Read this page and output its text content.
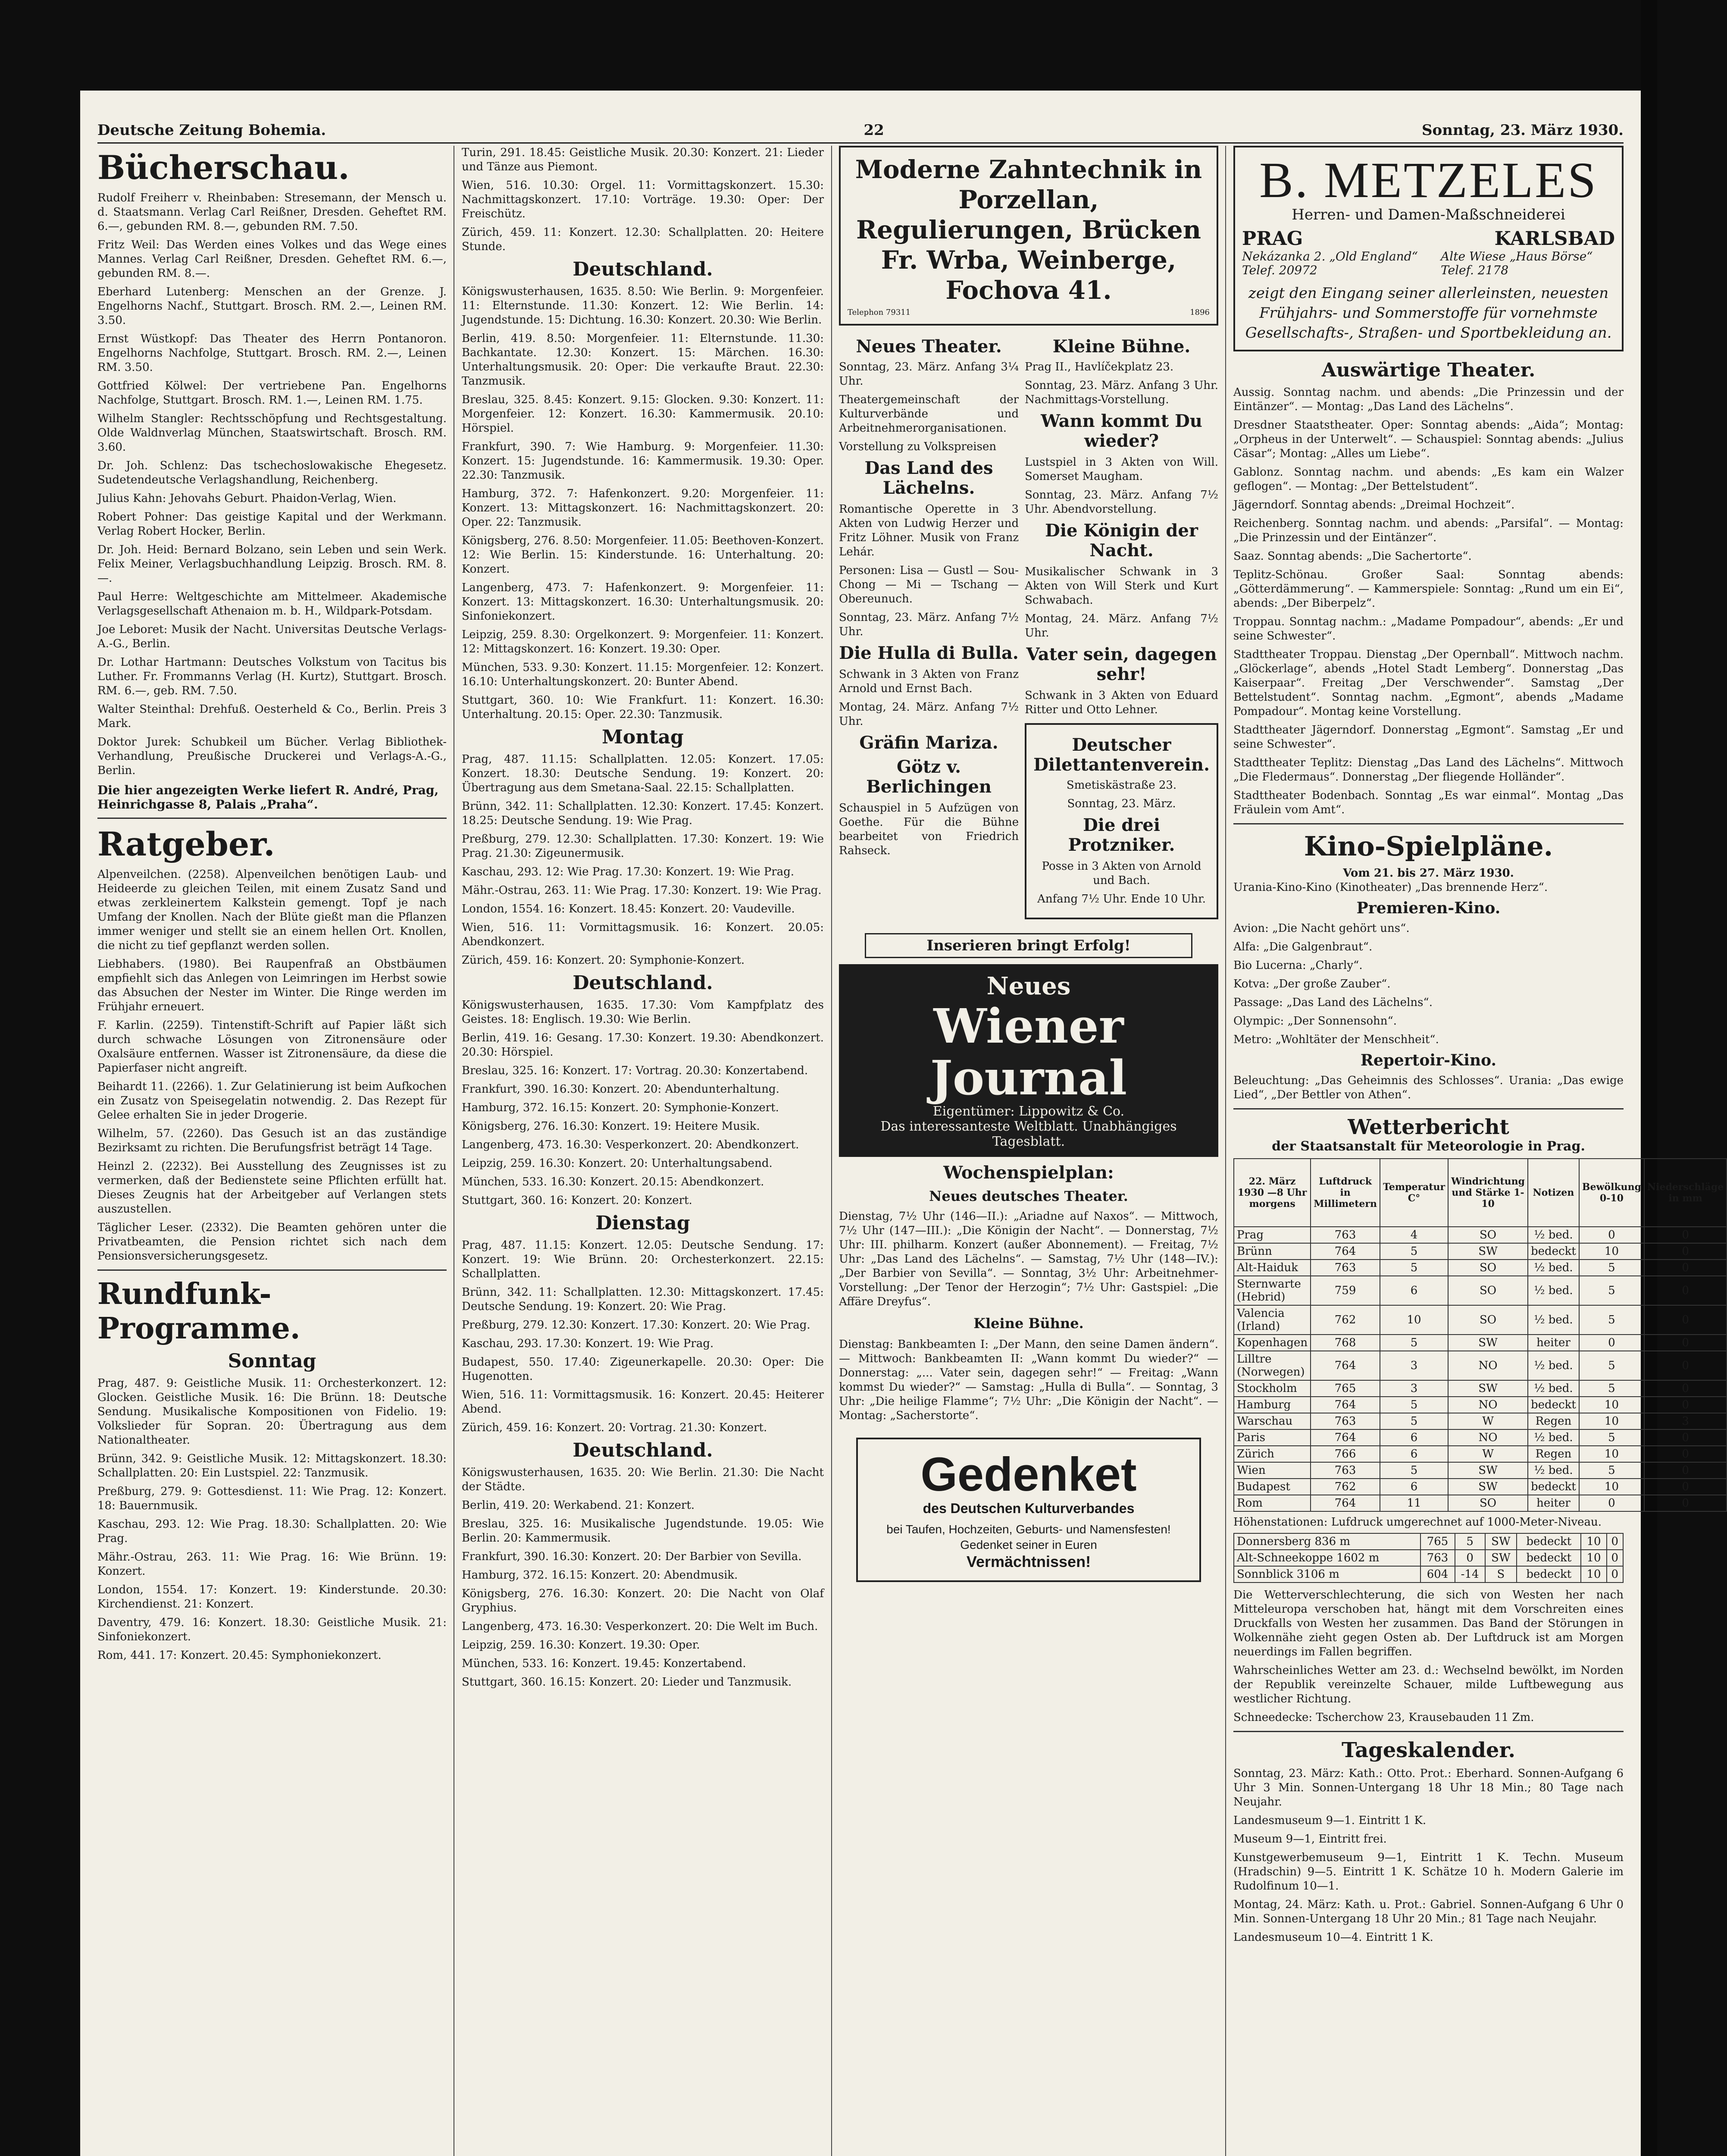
Deutsche Zeitung Bohemia.	22	Sonntag, 23. März 1930.
Bücherschau.

Rudolf Freiherr v. Rheinbaben: Stresemann, der Mensch u. d. Staatsmann. Verlag Carl Reißner, Dresden. Geheftet RM. 6.—, gebunden RM. 8.—, gebunden RM. 7.50.

Fritz Weil: Das Werden eines Volkes und das Wege eines Mannes. Verlag Carl Reißner, Dresden. Geheftet RM. 6.—, gebunden RM. 8.—.

Eberhard Lutenberg: Menschen an der Grenze. J. Engelhorns Nachf., Stuttgart. Brosch. RM. 2.—, Leinen RM. 3.50.

Ernst Wüstkopf: Das Theater des Herrn Pontanoron. Engelhorns Nachfolge, Stuttgart. Brosch. RM. 2.—, Leinen RM. 3.50.

Gottfried Kölwel: Der vertriebene Pan. Engelhorns Nachfolge, Stuttgart. Brosch. RM. 1.—, Leinen RM. 1.75.

Wilhelm Stangler: Rechtsschöpfung und Rechtsgestaltung. Olde Waldnverlag München, Staatswirtschaft. Brosch. RM. 3.60.

Dr. Joh. Schlenz: Das tschechoslowakische Ehegesetz. Sudetendeutsche Verlagshandlung, Reichenberg.

Julius Kahn: Jehovahs Geburt. Phaidon-Verlag, Wien.

Robert Pohner: Das geistige Kapital und der Werkmann. Verlag Robert Hocker, Berlin.

Dr. Joh. Heid: Bernard Bolzano, sein Leben und sein Werk. Felix Meiner, Verlagsbuchhandlung Leipzig. Brosch. RM. 8.—.

Paul Herre: Weltgeschichte am Mittelmeer. Akademische Verlagsgesellschaft Athenaion m. b. H., Wildpark-Potsdam.

Joe Leboret: Musik der Nacht. Universitas Deutsche Verlags-A.-G., Berlin.

Dr. Lothar Hartmann: Deutsches Volkstum von Tacitus bis Luther. Fr. Frommanns Verlag (H. Kurtz), Stuttgart. Brosch. RM. 6.—, geb. RM. 7.50.

Walter Steinthal: Drehfuß. Oesterheld & Co., Berlin. Preis 3 Mark.

Doktor Jurek: Schubkeil um Bücher. Verlag Bibliothek-Verhandlung, Preußische Druckerei und Verlags-A.-G., Berlin.

Die hier angezeigten Werke liefert R. André, Prag, Heinrichgasse 8, Palais „Praha“.
Ratgeber.

Alpenveilchen. (2258). Alpenveilchen benötigen Laub- und Heideerde zu gleichen Teilen, mit einem Zusatz Sand und etwas zerkleinertem Kalkstein gemengt. Topf je nach Umfang der Knollen. Nach der Blüte gießt man die Pflanzen immer weniger und stellt sie an einem hellen Ort. Knollen, die nicht zu tief gepflanzt werden sollen.

Liebhabers. (1980). Bei Raupenfraß an Obstbäumen empfiehlt sich das Anlegen von Leimringen im Herbst sowie das Absuchen der Nester im Winter. Die Ringe werden im Frühjahr erneuert.

F. Karlin. (2259). Tintenstift-Schrift auf Papier läßt sich durch schwache Lösungen von Zitronensäure oder Oxalsäure entfernen. Wasser ist Zitronensäure, da diese die Papierfaser nicht angreift.

Beihardt 11. (2266). 1. Zur Gelatinierung ist beim Aufkochen ein Zusatz von Speisegelatin notwendig. 2. Das Rezept für Gelee erhalten Sie in jeder Drogerie.

Wilhelm, 57. (2260). Das Gesuch ist an das zuständige Bezirksamt zu richten. Die Berufungsfrist beträgt 14 Tage.

Heinzl 2. (2232). Bei Ausstellung des Zeugnisses ist zu vermerken, daß der Bedienstete seine Pflichten erfüllt hat. Dieses Zeugnis hat der Arbeitgeber auf Verlangen stets auszustellen.

Täglicher Leser. (2332). Die Beamten gehören unter die Privatbeamten, die Pension richtet sich nach dem Pensionsversicherungsgesetz.

Rundfunk-Programme.
Sonntag

Prag, 487. 9: Geistliche Musik. 11: Orchesterkonzert. 12: Glocken. Geistliche Musik. 16: Die Brünn. 18: Deutsche Sendung. Musikalische Kompositionen von Fidelio. 19: Volkslieder für Sopran. 20: Übertragung aus dem Nationaltheater.

Brünn, 342. 9: Geistliche Musik. 12: Mittagskonzert. 18.30: Schallplatten. 20: Ein Lustspiel. 22: Tanzmusik.

Preßburg, 279. 9: Gottesdienst. 11: Wie Prag. 12: Konzert. 18: Bauernmusik.

Kaschau, 293. 12: Wie Prag. 18.30: Schallplatten. 20: Wie Prag.

Mähr.-Ostrau, 263. 11: Wie Prag. 16: Wie Brünn. 19: Konzert.

London, 1554. 17: Konzert. 19: Kinderstunde. 20.30: Kirchendienst. 21: Konzert.

Daventry, 479. 16: Konzert. 18.30: Geistliche Musik. 21: Sinfoniekonzert.

Rom, 441. 17: Konzert. 20.45: Symphoniekonzert.

Turin, 291. 18.45: Geistliche Musik. 20.30: Konzert. 21: Lieder und Tänze aus Piemont.

Wien, 516. 10.30: Orgel. 11: Vormittagskonzert. 15.30: Nachmittagskonzert. 17.10: Vorträge. 19.30: Oper: Der Freischütz.

Zürich, 459. 11: Konzert. 12.30: Schallplatten. 20: Heitere Stunde.

Deutschland.

Königswusterhausen, 1635. 8.50: Wie Berlin. 9: Morgenfeier. 11: Elternstunde. 11.30: Konzert. 12: Wie Berlin. 14: Jugendstunde. 15: Dichtung. 16.30: Konzert. 20.30: Wie Berlin.

Berlin, 419. 8.50: Morgenfeier. 11: Elternstunde. 11.30: Bachkantate. 12.30: Konzert. 15: Märchen. 16.30: Unterhaltungsmusik. 20: Oper: Die verkaufte Braut. 22.30: Tanzmusik.

Breslau, 325. 8.45: Konzert. 9.15: Glocken. 9.30: Konzert. 11: Morgenfeier. 12: Konzert. 16.30: Kammermusik. 20.10: Hörspiel.

Frankfurt, 390. 7: Wie Hamburg. 9: Morgenfeier. 11.30: Konzert. 15: Jugendstunde. 16: Kammermusik. 19.30: Oper. 22.30: Tanzmusik.

Hamburg, 372. 7: Hafenkonzert. 9.20: Morgenfeier. 11: Konzert. 13: Mittagskonzert. 16: Nachmittagskonzert. 20: Oper. 22: Tanzmusik.

Königsberg, 276. 8.50: Morgenfeier. 11.05: Beethoven-Konzert. 12: Wie Berlin. 15: Kinderstunde. 16: Unterhaltung. 20: Konzert.

Langenberg, 473. 7: Hafenkonzert. 9: Morgenfeier. 11: Konzert. 13: Mittagskonzert. 16.30: Unterhaltungsmusik. 20: Sinfoniekonzert.

Leipzig, 259. 8.30: Orgelkonzert. 9: Morgenfeier. 11: Konzert. 12: Mittagskonzert. 16: Konzert. 19.30: Oper.

München, 533. 9.30: Konzert. 11.15: Morgenfeier. 12: Konzert. 16.10: Unterhaltungskonzert. 20: Bunter Abend.

Stuttgart, 360. 10: Wie Frankfurt. 11: Konzert. 16.30: Unterhaltung. 20.15: Oper. 22.30: Tanzmusik.

Montag

Prag, 487. 11.15: Schallplatten. 12.05: Konzert. 17.05: Konzert. 18.30: Deutsche Sendung. 19: Konzert. 20: Übertragung aus dem Smetana-Saal. 22.15: Schallplatten.

Brünn, 342. 11: Schallplatten. 12.30: Konzert. 17.45: Konzert. 18.25: Deutsche Sendung. 19: Wie Prag.

Preßburg, 279. 12.30: Schallplatten. 17.30: Konzert. 19: Wie Prag. 21.30: Zigeunermusik.

Kaschau, 293. 12: Wie Prag. 17.30: Konzert. 19: Wie Prag.

Mähr.-Ostrau, 263. 11: Wie Prag. 17.30: Konzert. 19: Wie Prag.

London, 1554. 16: Konzert. 18.45: Konzert. 20: Vaudeville.

Wien, 516. 11: Vormittagsmusik. 16: Konzert. 20.05: Abendkonzert.

Zürich, 459. 16: Konzert. 20: Symphonie-Konzert.

Deutschland.

Königswusterhausen, 1635. 17.30: Vom Kampfplatz des Geistes. 18: Englisch. 19.30: Wie Berlin.

Berlin, 419. 16: Gesang. 17.30: Konzert. 19.30: Abendkonzert. 20.30: Hörspiel.

Breslau, 325. 16: Konzert. 17: Vortrag. 20.30: Konzertabend.

Frankfurt, 390. 16.30: Konzert. 20: Abendunterhaltung.

Hamburg, 372. 16.15: Konzert. 20: Symphonie-Konzert.

Königsberg, 276. 16.30: Konzert. 19: Heitere Musik.

Langenberg, 473. 16.30: Vesperkonzert. 20: Abendkonzert.

Leipzig, 259. 16.30: Konzert. 20: Unterhaltungsabend.

München, 533. 16.30: Konzert. 20.15: Abendkonzert.

Stuttgart, 360. 16: Konzert. 20: Konzert.

Dienstag

Prag, 487. 11.15: Konzert. 12.05: Deutsche Sendung. 17: Konzert. 19: Wie Brünn. 20: Orchesterkonzert. 22.15: Schallplatten.

Brünn, 342. 11: Schallplatten. 12.30: Mittagskonzert. 17.45: Deutsche Sendung. 19: Konzert. 20: Wie Prag.

Preßburg, 279. 12.30: Konzert. 17.30: Konzert. 20: Wie Prag.

Kaschau, 293. 17.30: Konzert. 19: Wie Prag.

Budapest, 550. 17.40: Zigeunerkapelle. 20.30: Oper: Die Hugenotten.

Wien, 516. 11: Vormittagsmusik. 16: Konzert. 20.45: Heiterer Abend.

Zürich, 459. 16: Konzert. 20: Vortrag. 21.30: Konzert.

Deutschland.

Königswusterhausen, 1635. 20: Wie Berlin. 21.30: Die Nacht der Städte.

Berlin, 419. 20: Werkabend. 21: Konzert.

Breslau, 325. 16: Musikalische Jugendstunde. 19.05: Wie Berlin. 20: Kammermusik.

Frankfurt, 390. 16.30: Konzert. 20: Der Barbier von Sevilla.

Hamburg, 372. 16.15: Konzert. 20: Abendmusik.

Königsberg, 276. 16.30: Konzert. 20: Die Nacht von Olaf Gryphius.

Langenberg, 473. 16.30: Vesperkonzert. 20: Die Welt im Buch.

Leipzig, 259. 16.30: Konzert. 19.30: Oper.

München, 533. 16: Konzert. 19.45: Konzertabend.

Stuttgart, 360. 16.15: Konzert. 20: Lieder und Tanzmusik.

Moderne Zahntechnik in Porzellan, Regulierungen, Brücken
Fr. Wrba, Weinberge, Fochova 41.
Telephon 79311	1896
Neues Theater.

Sonntag, 23. März. Anfang 3¼ Uhr.

Theatergemeinschaft der Kulturverbände und Arbeitnehmerorganisationen.

Vorstellung zu Volkspreisen

Das Land des Lächelns.

Romantische Operette in 3 Akten von Ludwig Herzer und Fritz Löhner. Musik von Franz Lehár.

Personen: Lisa — Gustl — Sou-Chong — Mi — Tschang — Obereunuch.

Sonntag, 23. März. Anfang 7½ Uhr.

Die Hulla di Bulla.

Schwank in 3 Akten von Franz Arnold und Ernst Bach.

Montag, 24. März. Anfang 7½ Uhr.

Gräfin Mariza.

Götz v. Berlichingen

Schauspiel in 5 Aufzügen von Goethe. Für die Bühne bearbeitet von Friedrich Rahseck.

Kleine Bühne.

Prag II., Havlíčekplatz 23.

Sonntag, 23. März. Anfang 3 Uhr. Nachmittags-Vorstellung.

Wann kommt Du wieder?

Lustspiel in 3 Akten von Will. Somerset Maugham.

Sonntag, 23. März. Anfang 7½ Uhr. Abendvorstellung.

Die Königin der Nacht.

Musikalischer Schwank in 3 Akten von Will Sterk und Kurt Schwabach.

Montag, 24. März. Anfang 7½ Uhr.

Vater sein, dagegen sehr!

Schwank in 3 Akten von Eduard Ritter und Otto Lehner.

Deutscher Dilettantenverein.

Smetiskästraße 23.

Sonntag, 23. März.

Die drei Protzniker.

Posse in 3 Akten von Arnold und Bach.

Anfang 7½ Uhr. Ende 10 Uhr.

Inserieren bringt Erfolg!
Neues
Wiener Journal
Eigentümer: Lippowitz & Co.
Das interessanteste Weltblatt. Unabhängiges Tagesblatt.
Wochenspielplan:
Neues deutsches Theater.

Dienstag, 7½ Uhr (146—II.): „Ariadne auf Naxos“. — Mittwoch, 7½ Uhr (147—III.): „Die Königin der Nacht“. — Donnerstag, 7½ Uhr: III. philharm. Konzert (außer Abonnement). — Freitag, 7½ Uhr: „Das Land des Lächelns“. — Samstag, 7½ Uhr (148—IV.): „Der Barbier von Sevilla“. — Sonntag, 3½ Uhr: Arbeitnehmer-Vorstellung: „Der Tenor der Herzogin“; 7½ Uhr: Gastspiel: „Die Affäre Dreyfus“.

Kleine Bühne.

Dienstag: Bankbeamten I: „Der Mann, den seine Damen ändern“. — Mittwoch: Bankbeamten II: „Wann kommt Du wieder?“ — Donnerstag: „... Vater sein, dagegen sehr!“ — Freitag: „Wann kommst Du wieder?“ — Samstag: „Hulla di Bulla“. — Sonntag, 3 Uhr: „Die heilige Flamme“; 7½ Uhr: „Die Königin der Nacht“. — Montag: „Sacherstorte“.

Gedenket
des Deutschen Kulturverbandes
bei Taufen, Hochzeiten, Geburts- und Namensfesten! Gedenket seiner in Euren
Vermächtnissen!
B. METZELES
Herren- und Damen-Maßschneiderei
PRAG	KARLSBAD
Nekázanka 2. „Old England“ Telef. 20972
Alte Wiese „Haus Börse“ Telef. 2178
zeigt den Eingang seiner allerleinsten, neuesten Frühjahrs- und Sommerstoffe für vornehmste Gesellschafts-, Straßen- und Sportbekleidung an.
Auswärtige Theater.

Aussig. Sonntag nachm. und abends: „Die Prinzessin und der Eintänzer“. — Montag: „Das Land des Lächelns“.

Dresdner Staatstheater. Oper: Sonntag abends: „Aida“; Montag: „Orpheus in der Unterwelt“. — Schauspiel: Sonntag abends: „Julius Cäsar“; Montag: „Alles um Liebe“.

Gablonz. Sonntag nachm. und abends: „Es kam ein Walzer geflogen“. — Montag: „Der Bettelstudent“.

Jägerndorf. Sonntag abends: „Dreimal Hochzeit“.

Reichenberg. Sonntag nachm. und abends: „Parsifal“. — Montag: „Die Prinzessin und der Eintänzer“.

Saaz. Sonntag abends: „Die Sachertorte“.

Teplitz-Schönau. Großer Saal: Sonntag abends: „Götterdämmerung“. — Kammerspiele: Sonntag: „Rund um ein Ei“, abends: „Der Biberpelz“.

Troppau. Sonntag nachm.: „Madame Pompadour“, abends: „Er und seine Schwester“.

Stadttheater Troppau. Dienstag „Der Opernball“. Mittwoch nachm. „Glöckerlage“, abends „Hotel Stadt Lemberg“. Donnerstag „Das Kaiserpaar“. Freitag „Der Verschwender“. Samstag „Der Bettelstudent“. Sonntag nachm. „Egmont“, abends „Madame Pompadour“. Montag keine Vorstellung.

Stadttheater Jägerndorf. Donnerstag „Egmont“. Samstag „Er und seine Schwester“.

Stadttheater Teplitz: Dienstag „Das Land des Lächelns“. Mittwoch „Die Fledermaus“. Donnerstag „Der fliegende Holländer“.

Stadttheater Bodenbach. Sonntag „Es war einmal“. Montag „Das Fräulein vom Amt“.

Kino-Spielpläne.
Vom 21. bis 27. März 1930.
Urania-Kino-Kino (Kinotheater) „Das brennende Herz“.
Premieren-Kino.

Avion: „Die Nacht gehört uns“.

Alfa: „Die Galgenbraut“.

Bio Lucerna: „Charly“.

Kotva: „Der große Zauber“.

Passage: „Das Land des Lächelns“.

Olympic: „Der Sonnensohn“.

Metro: „Wohltäter der Menschheit“.

Repertoir-Kino.
Beleuchtung: „Das Geheimnis des Schlosses“. Urania: „Das ewige Lied“, „Der Bettler von Athen“.
Wetterbericht
der Staatsanstalt für Meteorologie in Prag.
22. März 1930 —8 Uhr morgens	Luftdruck in Millimetern	Temperatur C°	Windrichtung und Stärke 1-10	Notizen	Bewölkung 0-10	Niederschläge in mm
Prag	763	4	SO	½ bed.	0	0
Brünn	764	5	SW	bedeckt	10	0
Alt-Haiduk	763	5	SO	½ bed.	5	0
Sternwarte (Hebrid)	759	6	SO	½ bed.	5	0
Valencia (Irland)	762	10	SO	½ bed.	5	0
Kopenhagen	768	5	SW	heiter	0	0
Lilltre (Norwegen)	764	3	NO	½ bed.	5	0
Stockholm	765	3	SW	½ bed.	5	0
Hamburg	764	5	NO	bedeckt	10	0
Warschau	763	5	W	Regen	10	3
Paris	764	6	NO	½ bed.	5	0
Zürich	766	6	W	Regen	10	0
Wien	763	5	SW	½ bed.	5	0
Budapest	762	6	SW	bedeckt	10	0
Rom	764	11	SO	heiter	0	0
Höhenstationen: Lufdruck umgerechnet auf 1000-Meter-Niveau.
Donnersberg 836 m	765	5	SW	bedeckt	10	0
Alt-Schneekoppe 1602 m	763	0	SW	bedeckt	10	0
Sonnblick 3106 m	604	-14	S	bedeckt	10	0

Die Wetterverschlechterung, die sich von Westen her nach Mitteleuropa verschoben hat, hängt mit dem Vorschreiten eines Druckfalls von Westen her zusammen. Das Band der Störungen in Wolkennähe zieht gegen Osten ab. Der Luftdruck ist am Morgen neuerdings im Fallen begriffen.

Wahrscheinliches Wetter am 23. d.: Wechselnd bewölkt, im Norden der Republik vereinzelte Schauer, milde Luftbewegung aus westlicher Richtung.

Schneedecke: Tscherchow 23, Krausebauden 11 Zm.

Tageskalender.

Sonntag, 23. März: Kath.: Otto. Prot.: Eberhard. Sonnen-Aufgang 6 Uhr 3 Min. Sonnen-Untergang 18 Uhr 18 Min.; 80 Tage nach Neujahr.

Landesmuseum 9—1. Eintritt 1 K.

Museum 9—1, Eintritt frei.

Kunstgewerbemuseum 9—1, Eintritt 1 K. Techn. Museum (Hradschin) 9—5. Eintritt 1 K. Schätze 10 h. Modern Galerie im Rudolfinum 10—1.

Montag, 24. März: Kath. u. Prot.: Gabriel. Sonnen-Aufgang 6 Uhr 0 Min. Sonnen-Untergang 18 Uhr 20 Min.; 81 Tage nach Neujahr.

Landesmuseum 10—4. Eintritt 1 K.
